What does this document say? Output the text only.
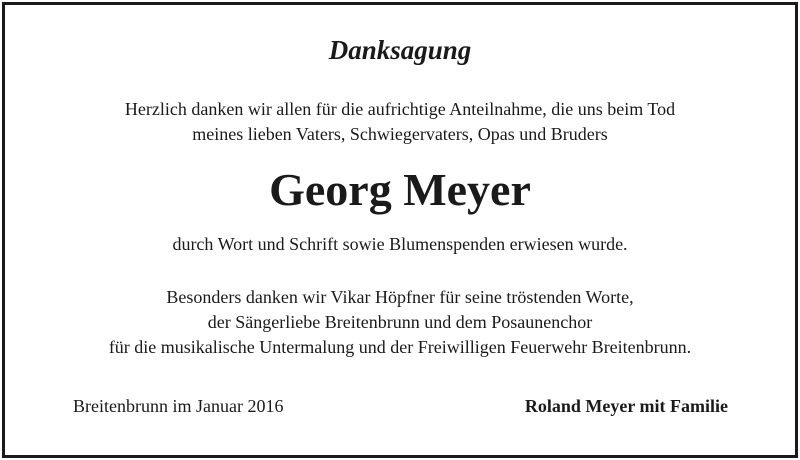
Danksagung
Herzlich danken wir allen für die aufrichtige Anteilnahme, die uns beim Tod
meines lieben Vaters, Schwiegervaters, Opas und Bruders
Georg Meyer
durch Wort und Schrift sowie Blumenspenden erwiesen wurde.
Besonders danken wir Vikar Höpfner für seine tröstenden Worte,
der Sängerliebe Breitenbrunn und dem Posaunenchor
für die musikalische Untermalung und der Freiwilligen Feuerwehr Breitenbrunn.
Breitenbrunn im Januar 2016	Roland Meyer mit Familie
